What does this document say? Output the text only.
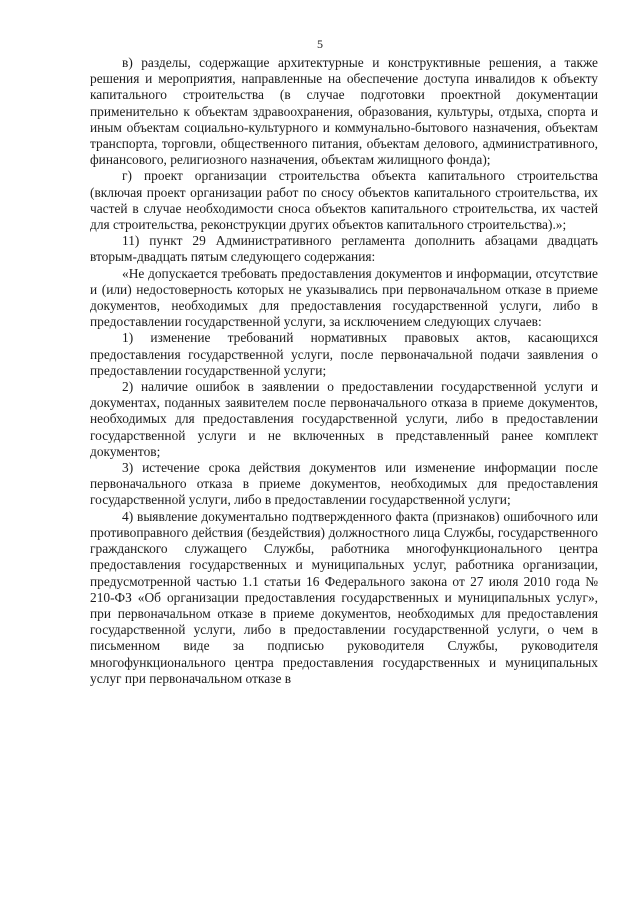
5

в) разделы, содержащие архитектурные и конструктивные решения, а также решения и мероприятия, направленные на обеспечение доступа инвалидов к объекту капитального строительства (в случае подготовки проектной документации применительно к объектам здравоохранения, образования, культуры, отдыха, спорта и иным объектам социально-культурного и коммунально-бытового назначения, объектам транспорта, торговли, общественного питания, объектам делового, административного, финансового, религиозного назначения, объектам жилищного фонда);

г) проект организации строительства объекта капитального строительства (включая проект организации работ по сносу объектов капитального строительства, их частей в случае необходимости сноса объектов капитального строительства, их частей для строительства, реконструкции других объектов капитального строительства).»;

11) пункт 29 Административного регламента дополнить абзацами двадцать вторым-двадцать пятым следующего содержания:

«Не допускается требовать предоставления документов и информации, отсутствие и (или) недостоверность которых не указывались при первоначальном отказе в приеме документов, необходимых для предоставления государственной услуги, либо в предоставлении государственной услуги, за исключением следующих случаев:

1) изменение требований нормативных правовых актов, касающихся предоставления государственной услуги, после первоначальной подачи заявления о предоставлении государственной услуги;

2) наличие ошибок в заявлении о предоставлении государственной услуги и документах, поданных заявителем после первоначального отказа в приеме документов, необходимых для предоставления государственной услуги, либо в предоставлении государственной услуги и не включенных в представленный ранее комплект документов;

3) истечение срока действия документов или изменение информации после первоначального отказа в приеме документов, необходимых для предоставления государственной услуги, либо в предоставлении государственной услуги;

4) выявление документально подтвержденного факта (признаков) ошибочного или противоправного действия (бездействия) должностного лица Службы, государственного гражданского служащего Службы, работника многофункционального центра предоставления государственных и муниципальных услуг, работника организации, предусмотренной частью 1.1 статьи 16 Федерального закона от 27 июля 2010 года № 210-ФЗ «Об организации предоставления государственных и муниципальных услуг», при первоначальном отказе в приеме документов, необходимых для предоставления государственной услуги, либо в предоставлении государственной услуги, о чем в письменном виде за подписью руководителя Службы, руководителя многофункционального центра предоставления государственных и муниципальных услуг при первоначальном отказе в
